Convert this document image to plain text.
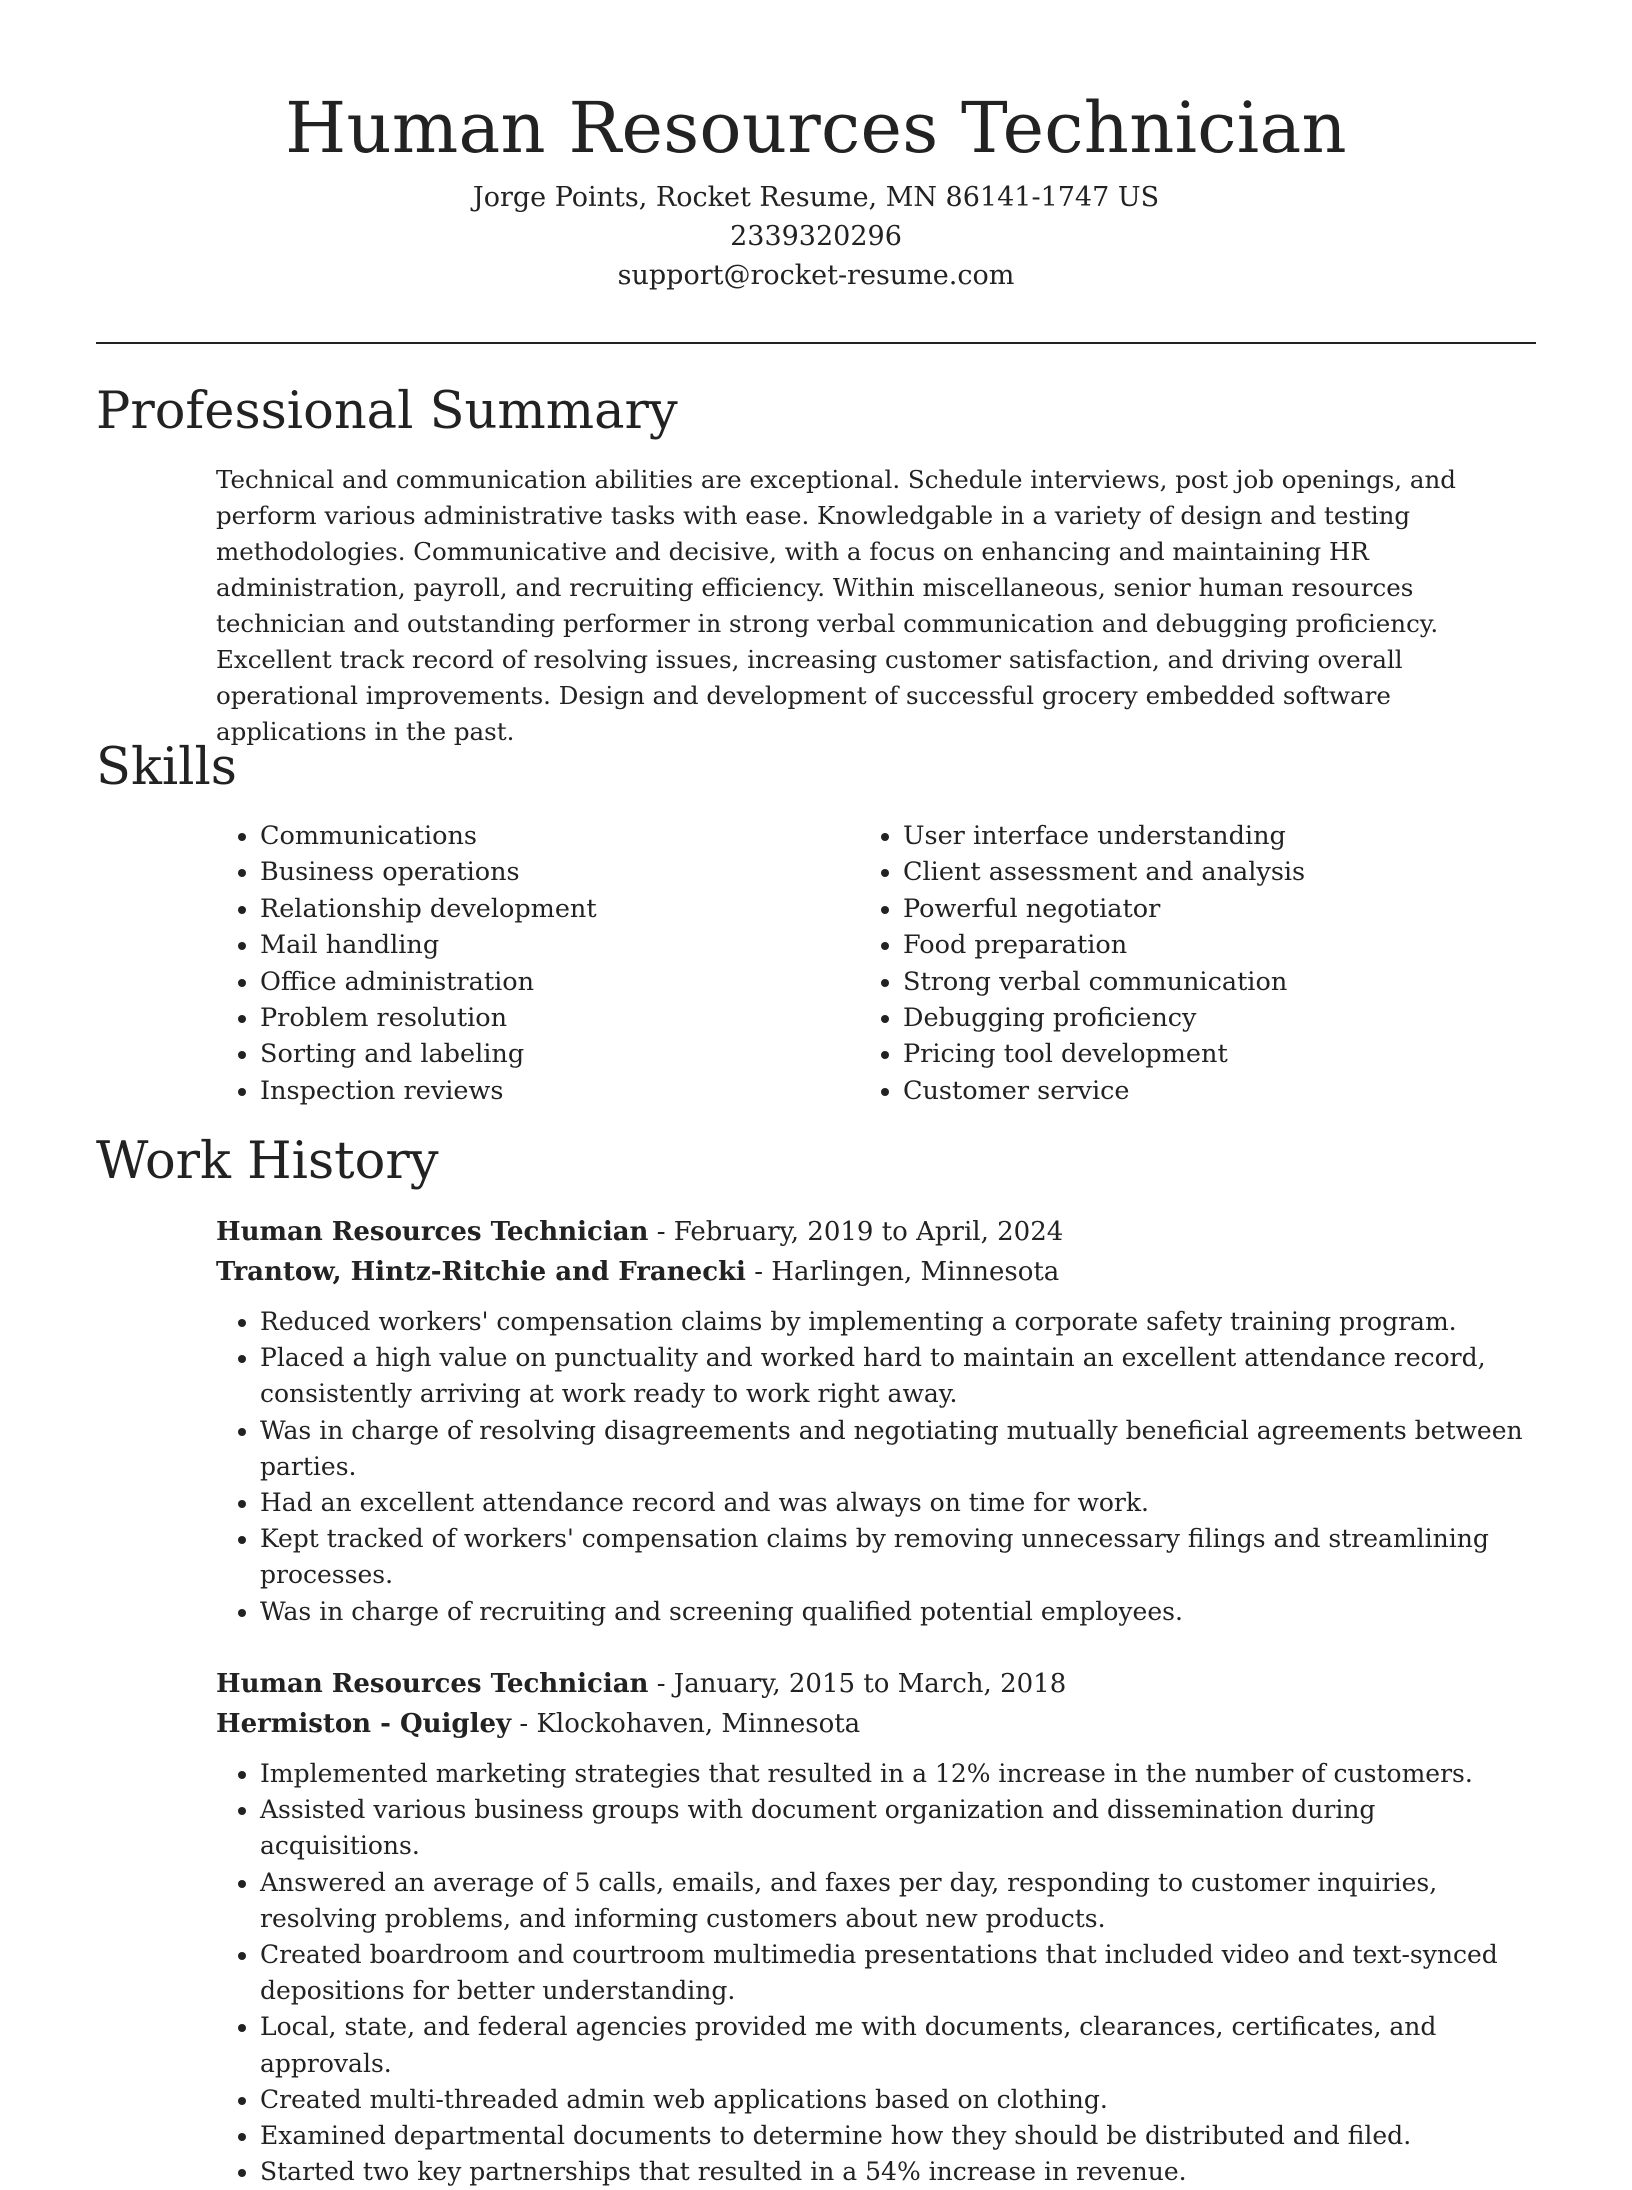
Human Resources Technician
Jorge Points, Rocket Resume, MN 86141-1747 US
2339320296
support@rocket-resume.com
Professional Summary

Technical and communication abilities are exceptional. Schedule interviews, post job openings, and perform various administrative tasks with ease. Knowledgable in a variety of design and testing methodologies. Communicative and decisive, with a focus on enhancing and maintaining HR administration, payroll, and recruiting efficiency. Within miscellaneous, senior human resources technician and outstanding performer in strong verbal communication and debugging proficiency. Excellent track record of resolving issues, increasing customer satisfaction, and driving overall operational improvements. Design and development of successful grocery embedded software applications in the past.

Skills
• Communications
• Business operations
• Relationship development
• Mail handling
• Office administration
• Problem resolution
• Sorting and labeling
• Inspection reviews
• User interface understanding
• Client assessment and analysis
• Powerful negotiator
• Food preparation
• Strong verbal communication
• Debugging proficiency
• Pricing tool development
• Customer service
Work History
Human Resources Technician - February, 2019 to April, 2024
Trantow, Hintz-Ritchie and Franecki - Harlingen, Minnesota
• Reduced workers' compensation claims by implementing a corporate safety training program.
• Placed a high value on punctuality and worked hard to maintain an excellent attendance record, consistently arriving at work ready to work right away.
• Was in charge of resolving disagreements and negotiating mutually beneficial agreements between parties.
• Had an excellent attendance record and was always on time for work.
• Kept tracked of workers' compensation claims by removing unnecessary filings and streamlining processes.
• Was in charge of recruiting and screening qualified potential employees.
Human Resources Technician - January, 2015 to March, 2018
Hermiston - Quigley - Klockohaven, Minnesota
• Implemented marketing strategies that resulted in a 12% increase in the number of customers.
• Assisted various business groups with document organization and dissemination during acquisitions.
• Answered an average of 5 calls, emails, and faxes per day, responding to customer inquiries, resolving problems, and informing customers about new products.
• Created boardroom and courtroom multimedia presentations that included video and text-synced depositions for better understanding.
• Local, state, and federal agencies provided me with documents, clearances, certificates, and approvals.
• Created multi-threaded admin web applications based on clothing.
• Examined departmental documents to determine how they should be distributed and filed.
• Started two key partnerships that resulted in a 54% increase in revenue.
